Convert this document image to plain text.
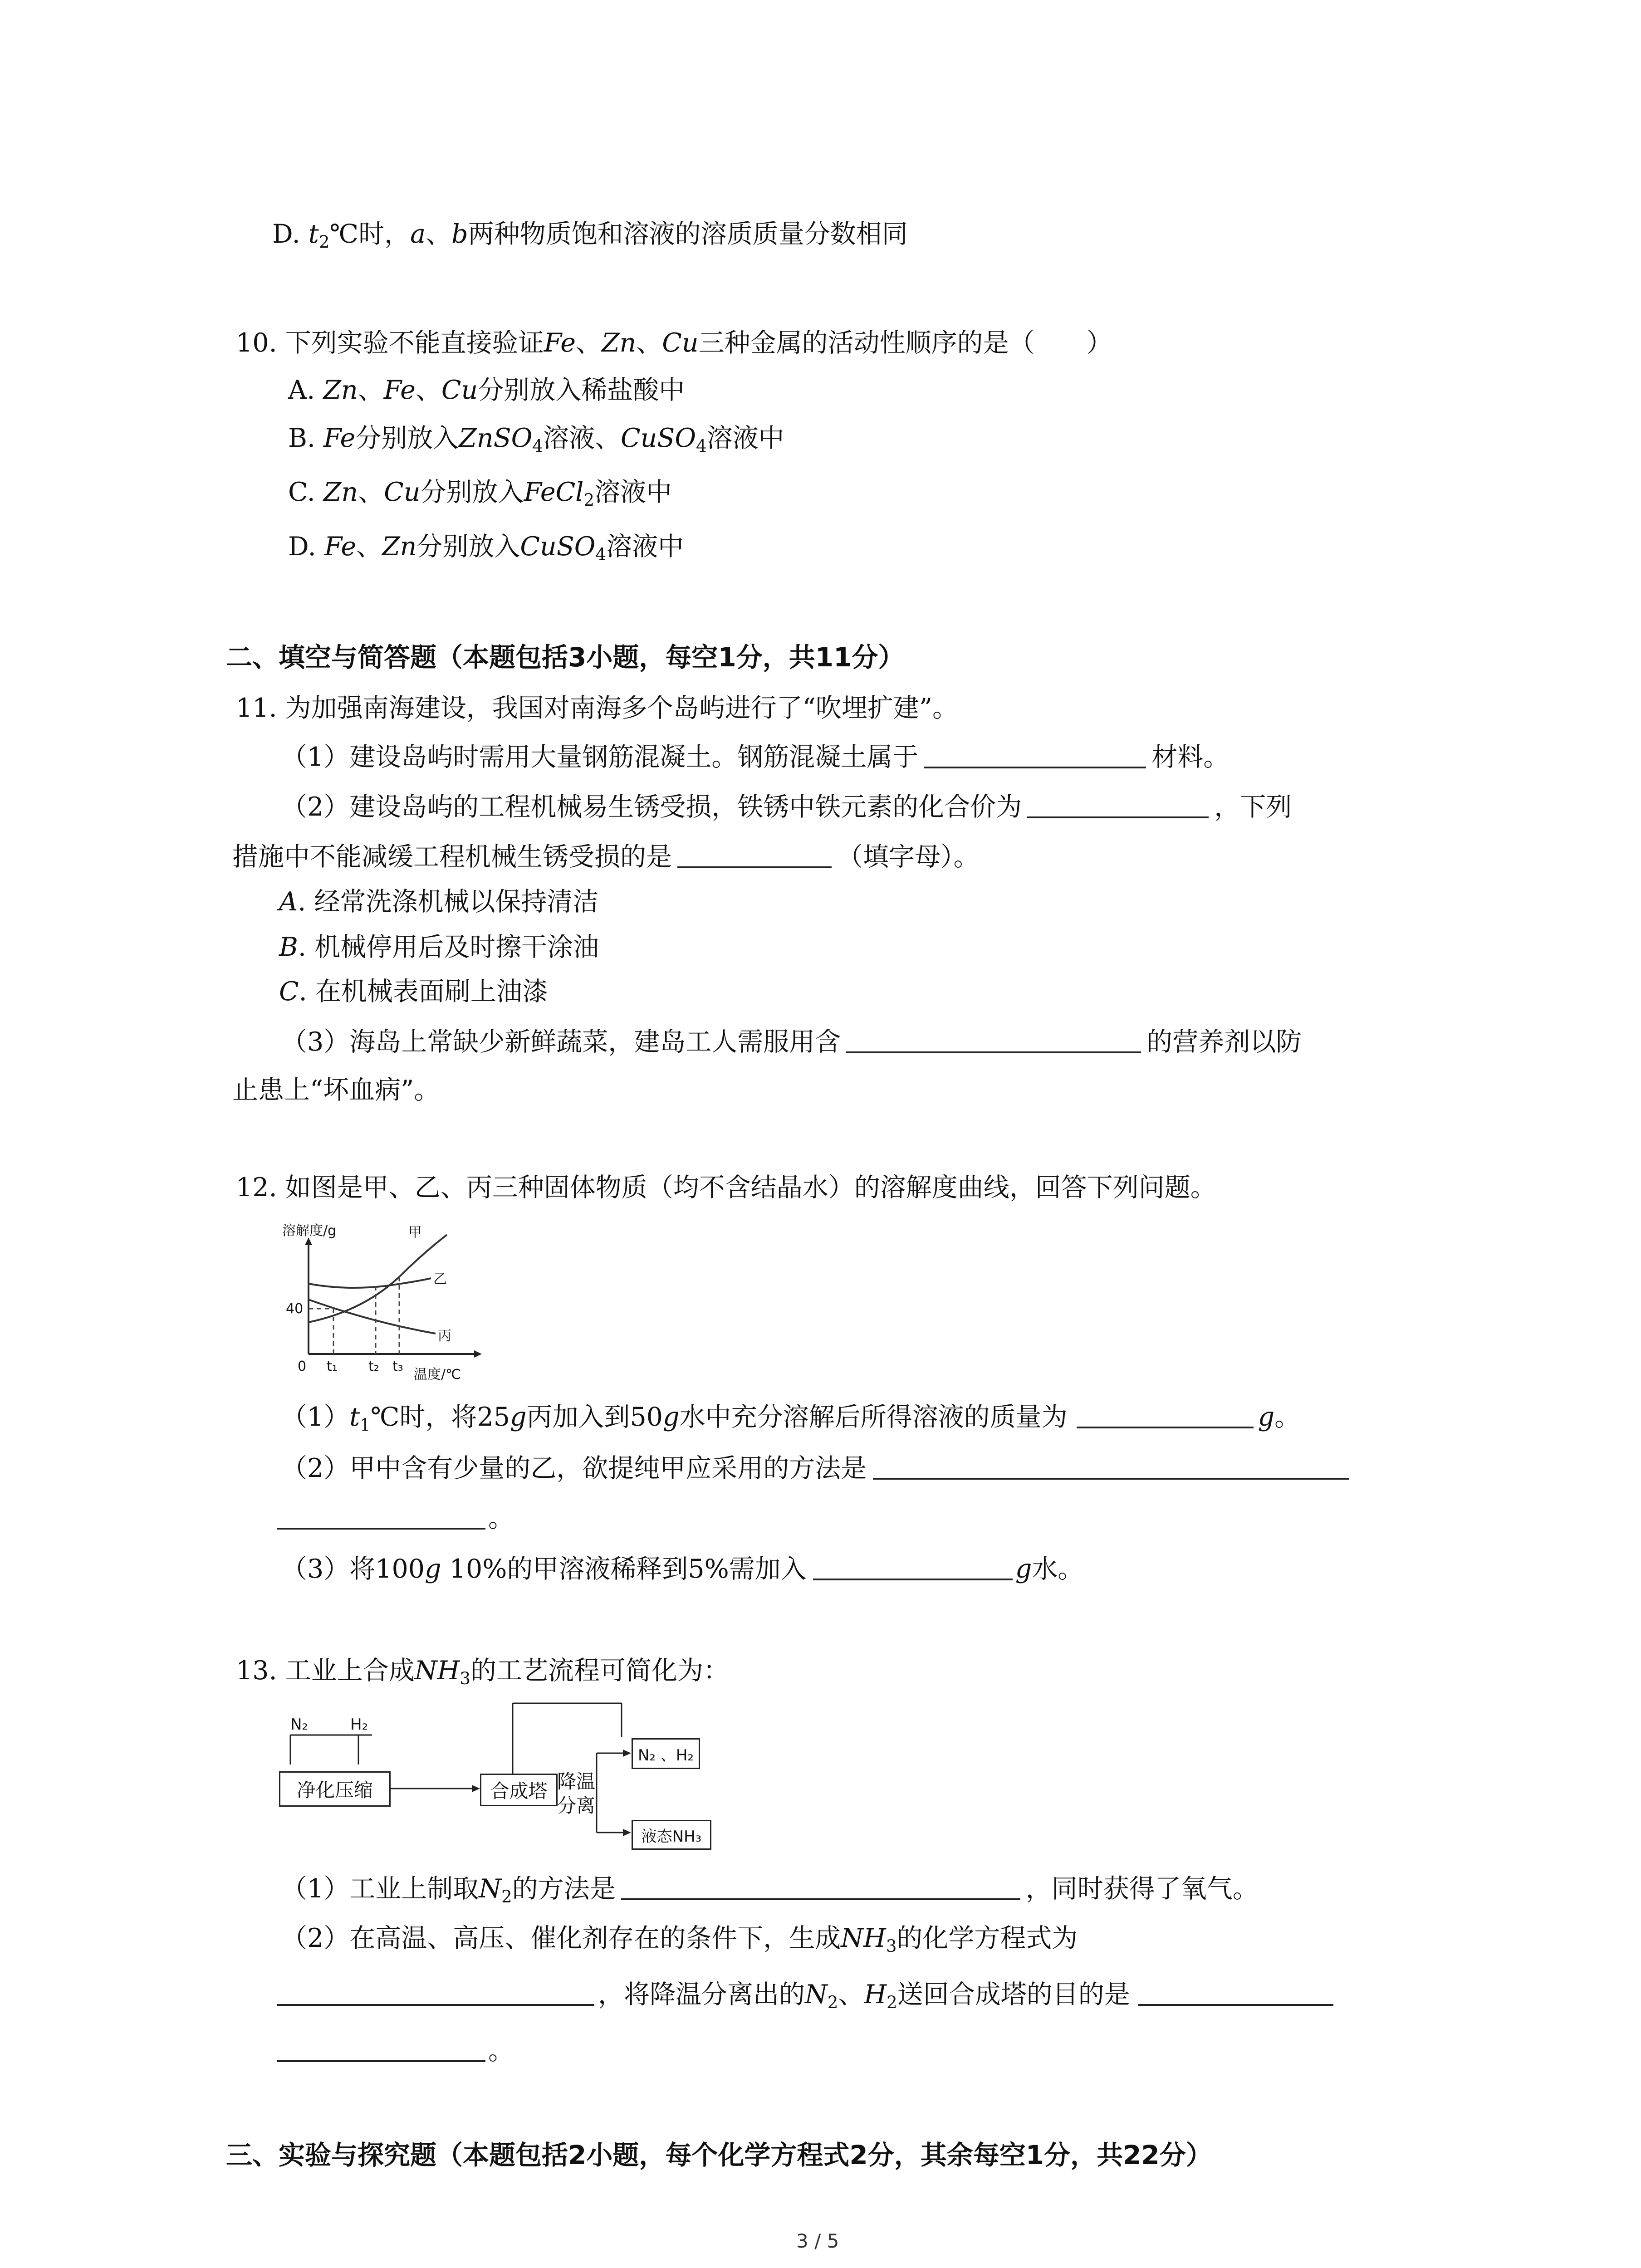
D. $t_2℃$时，a、b两种物质饱和溶液的溶质质量分数相同
10. 下列实验不能直接验证Fe、Zn、Cu三种金属的活动性顺序的是（　　）
A. Zn、Fe、Cu分别放入稀盐酸中
B. Fe分别放入ZnSO$_4$溶液、CuSO$_4$溶液中
C. Zn、Cu分别放入FeCl$_2$溶液中
D. Fe、Zn分别放入CuSO$_4$溶液中
二、填空与简答题（本题包括3小题，每空1分，共11分）
11. 为加强南海建设，我国对南海多个岛屿进行了“吹埋扩建”。
（1）建设岛屿时需用大量钢筋混凝土。钢筋混凝土属于	材料。
（2）建设岛屿的工程机械易生锈受损，铁锈中铁元素的化合价为	，下列
措施中不能减缓工程机械生锈受损的是	（填字母）。
A. 经常洗涤机械以保持清洁
B. 机械停用后及时擦干涂油
C. 在机械表面刷上油漆
（3）海岛上常缺少新鲜蔬菜，建岛工人需服用含	的营养剂以防
止患上“坏血病”。
12. 如图是甲、乙、丙三种固体物质（均不含结晶水）的溶解度曲线，回答下列问题。
溶解度/g	甲
乙
丙
40
0 t₁ t₂ t₃
温度/℃
$(1)t_1℃$时，将25g丙加入到50g水中充分溶解后所得溶液的质量为	g。
（2）甲中含有少量的乙，欲提纯甲应采用的方法是
。
（3）将100g 10%的甲溶液稀释到5%需加入	g水。
13. 工业上合成$NH_3$的工艺流程可简化为：
N₂	H₂
净化压缩	合成塔 降温
分离
N₂ 、H₂
液态NH₃
（1）工业上制取$N_2$的方法是	，同时获得了氧气。
（2）在高温、高压、催化剂存在的条件下，生成$NH_3$的化学方程式为
，将降温分离出的$N_2$、$H_2$送回合成塔的目的是
。
三、实验与探究题（本题包括2小题，每个化学方程式2分，其余每空1分，共22分）
3 / 5
